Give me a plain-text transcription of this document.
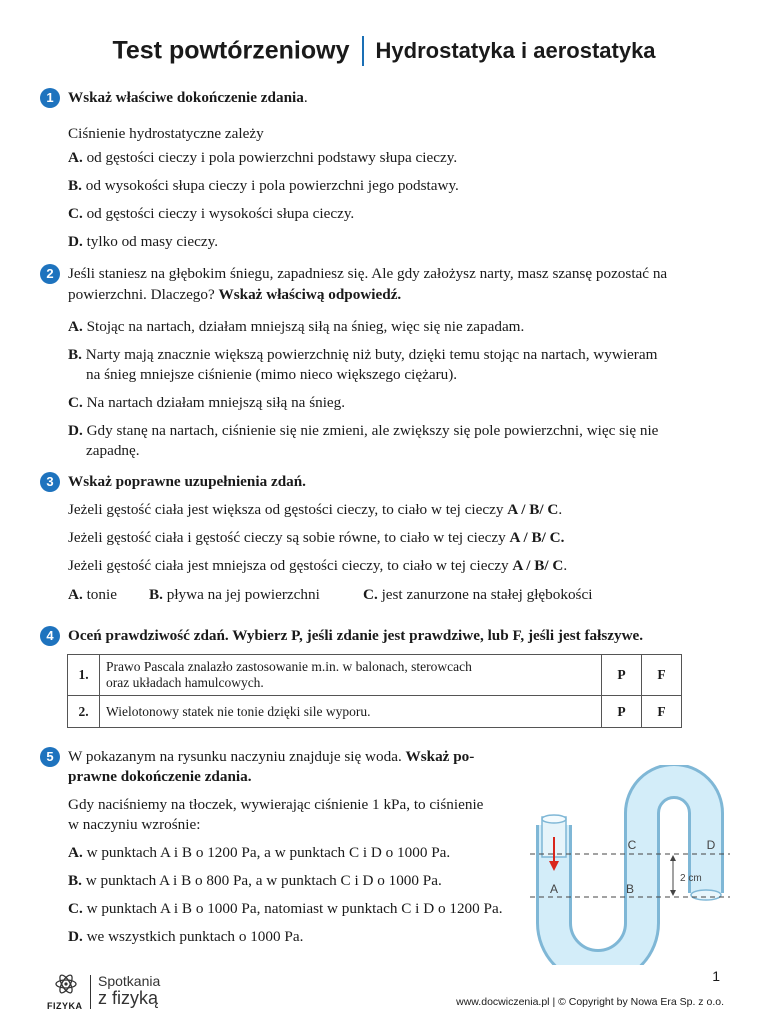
Test powtórzeniowy Hydrostatyka i aerostatyka
1 Wskaż właściwe dokończenie zdania.
Ciśnienie hydrostatyczne zależy
A. od gęstości cieczy i pola powierzchni podstawy słupa cieczy.
B. od wysokości słupa cieczy i pola powierzchni jego podstawy.
C. od gęstości cieczy i wysokości słupa cieczy.
D. tylko od masy cieczy.
2 Jeśli staniesz na głębokim śniegu, zapadniesz się. Ale gdy założysz narty, masz szansę pozostać na
powierzchni. Dlaczego? Wskaż właściwą odpowiedź.
A. Stojąc na nartach, działam mniejszą siłą na śnieg, więc się nie zapadam.
B. Narty mają znacznie większą powierzchnię niż buty, dzięki temu stojąc na nartach, wywieram
na śnieg mniejsze ciśnienie (mimo nieco większego ciężaru).
C. Na nartach działam mniejszą siłą na śnieg.
D. Gdy stanę na nartach, ciśnienie się nie zmieni, ale zwiększy się pole powierzchni, więc się nie
zapadnę.
3 Wskaż poprawne uzupełnienia zdań.
Jeżeli gęstość ciała jest większa od gęstości cieczy, to ciało w tej cieczy A / B/ C.
Jeżeli gęstość ciała i gęstość cieczy są sobie równe, to ciało w tej cieczy A / B/ C.
Jeżeli gęstość ciała jest mniejsza od gęstości cieczy, to ciało w tej cieczy A / B/ C.
A. tonie B. pływa na jej powierzchni	C. jest zanurzone na stałej głębokości
4 Oceń prawdziwość zdań. Wybierz P, jeśli zdanie jest prawdziwe, lub F, jeśli jest fałszywe.
1.	Prawo Pascala znalazło zastosowanie m.in. w balonach, sterowcach
oraz układach hamulcowych.	P	F
2.	Wielotonowy statek nie tonie dzięki sile wyporu.	P	F
5 W pokazanym na rysunku naczyniu znajduje się woda. Wskaż po-
prawne dokończenie zdania.
Gdy naciśniemy na tłoczek, wywierając ciśnienie 1 kPa, to ciśnienie
w naczyniu wzrośnie:
A. w punktach A i B o 1200 Pa, a w punktach C i D o 1000 Pa.
B. w punktach A i B o 800 Pa, a w punktach C i D o 1000 Pa.
C. w punktach A i B o 1000 Pa, natomiast w punktach C i D o 1200 Pa.
D. we wszystkich punktach o 1000 Pa.
A	B
C	D
2 cm
FIZYKA
Spotkania
z fizyką
1
www.docwiczenia.pl | © Copyright by Nowa Era Sp. z o.o.
